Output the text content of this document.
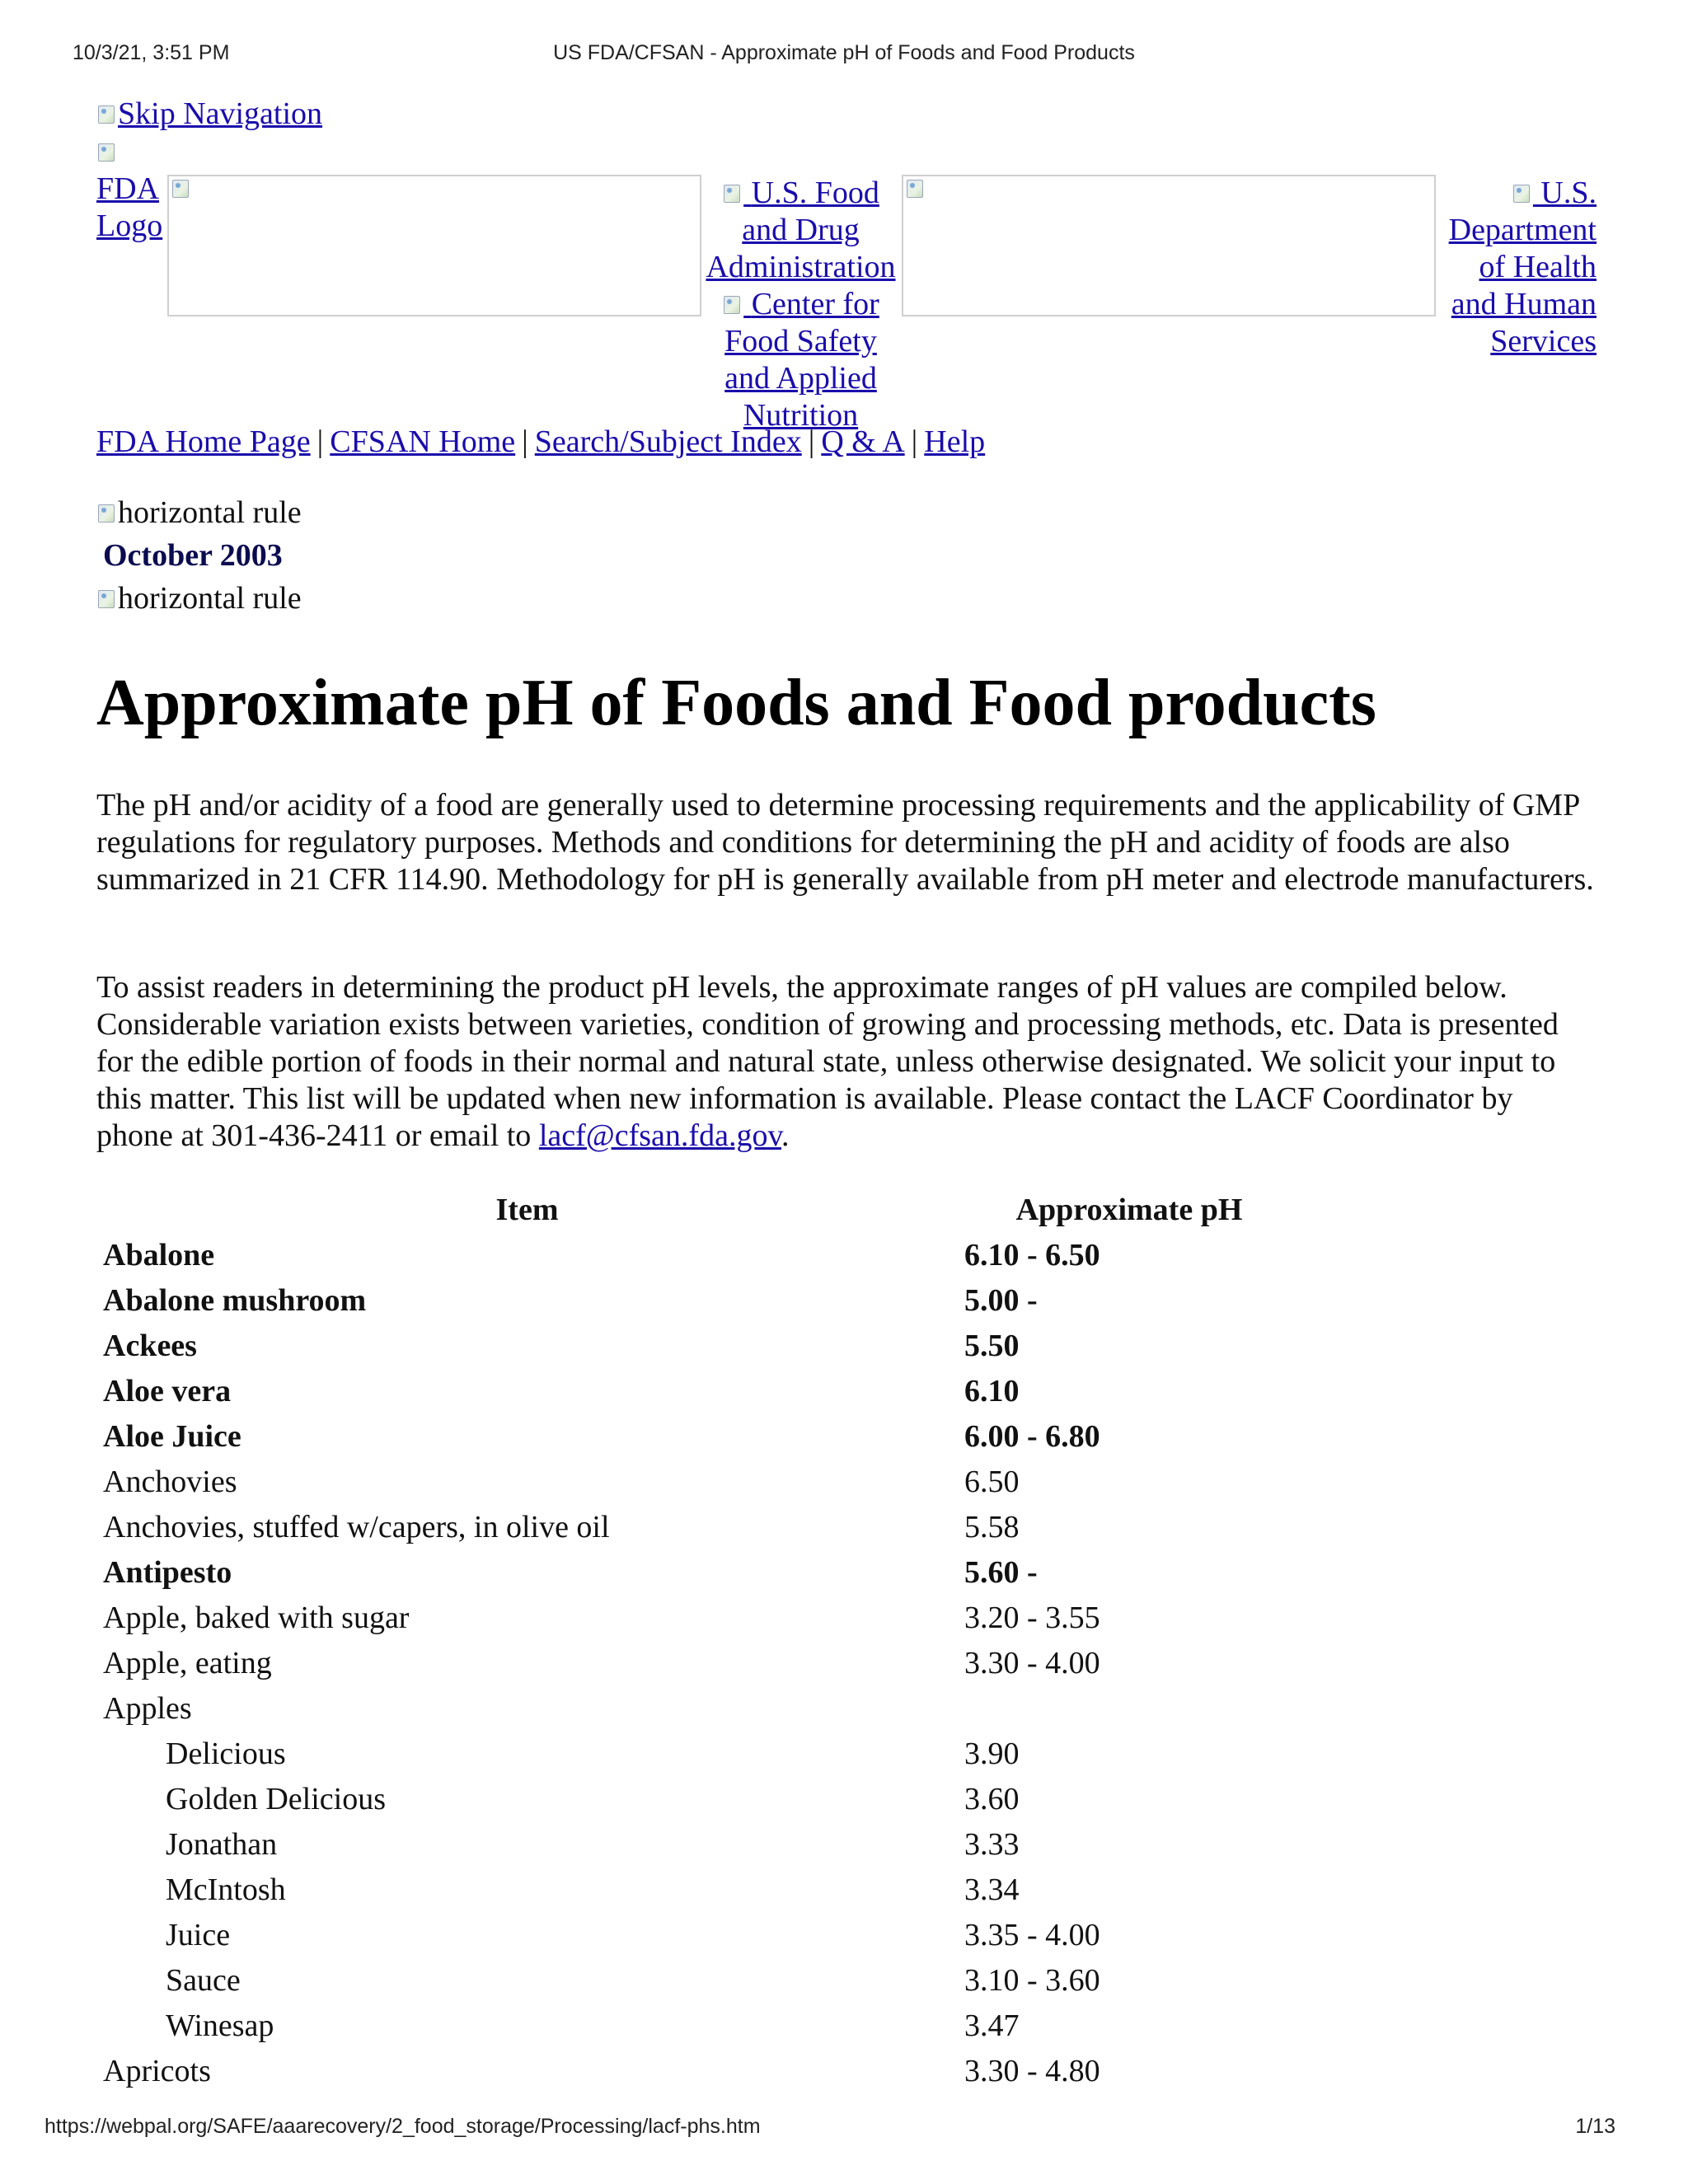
10/3/21, 3:51 PM	US FDA/CFSAN - Approximate pH of Foods and Food Products
Skip Navigation

FDA
Logo
U.S. Food
and Drug
Administration
Center for
Food Safety
and Applied
Nutrition
U.S.
Department
of Health
and Human
Services
FDA Home Page | CFSAN Home | Search/Subject Index | Q & A | Help
horizontal rule
October 2003
horizontal rule
Approximate pH of Foods and Food products

The pH and/or acidity of a food are generally used to determine processing requirements and the applicability of GMP regulations for regulatory purposes. Methods and conditions for determining the pH and acidity of foods are also summarized in 21 CFR 114.90. Methodology for pH is generally available from pH meter and electrode manufacturers.

To assist readers in determining the product pH levels, the approximate ranges of pH values are compiled below. Considerable variation exists between varieties, condition of growing and processing methods, etc. Data is presented for the edible portion of foods in their normal and natural state, unless otherwise designated. We solicit your input to this matter. This list will be updated when new information is available. Please contact the LACF Coordinator by phone at 301-436-2411 or email to lacf@cfsan.fda.gov.

Item	Approximate pH
Abalone	6.10 - 6.50
Abalone mushroom	5.00 -
Ackees	5.50
Aloe vera	6.10
Aloe Juice	6.00 - 6.80
Anchovies	6.50
Anchovies, stuffed w/capers, in olive oil	5.58
Antipesto	5.60 -
Apple, baked with sugar	3.20 - 3.55
Apple, eating	3.30 - 4.00
Apples	
Delicious	3.90
Golden Delicious	3.60
Jonathan	3.33
McIntosh	3.34
Juice	3.35 - 4.00
Sauce	3.10 - 3.60
Winesap	3.47
Apricots	3.30 - 4.80
https://webpal.org/SAFE/aaarecovery/2_food_storage/Processing/lacf-phs.htm	1/13
